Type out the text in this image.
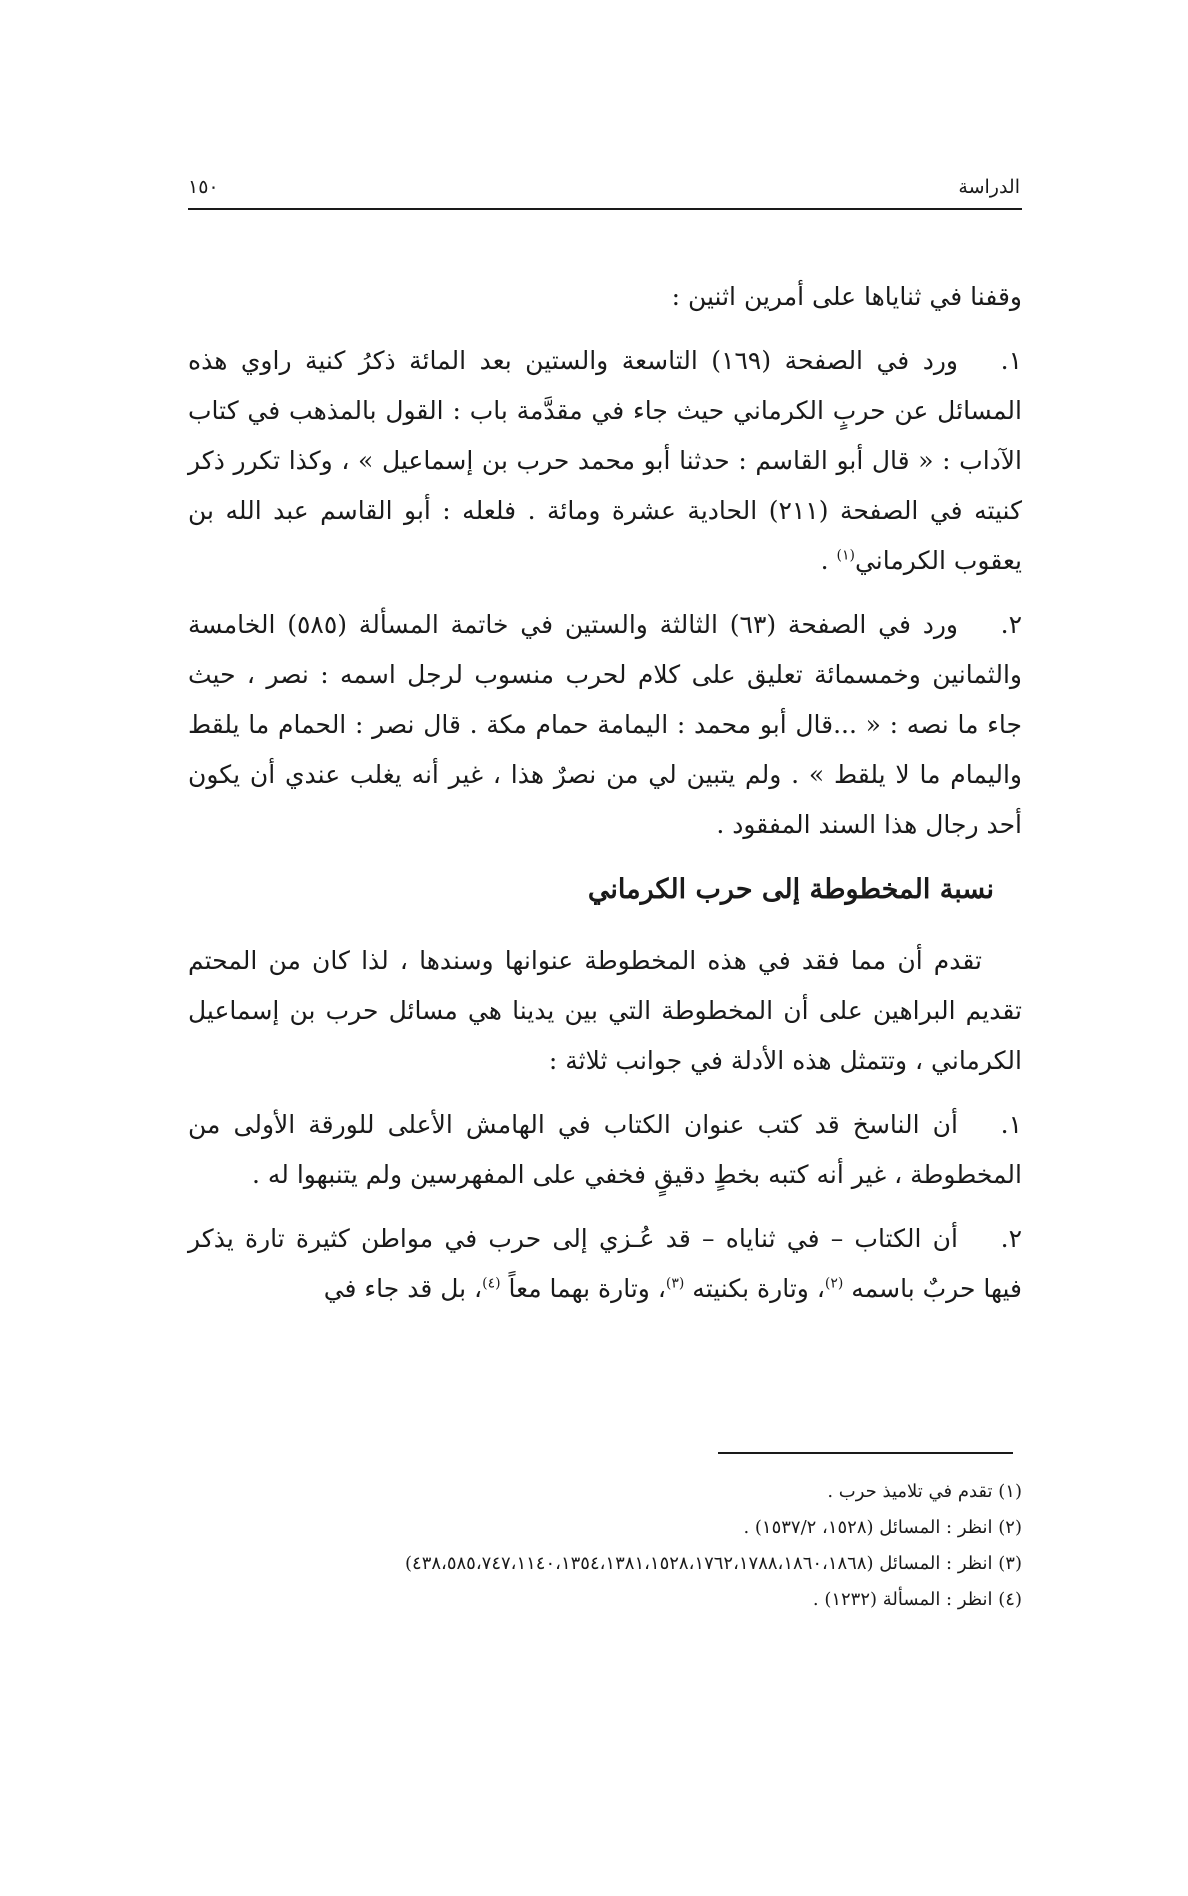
الدراسة
١٥٠

وقفنا في ثناياها على أمرين اثنين :

١.ورد في الصفحة (١٦٩) التاسعة والستين بعد المائة ذكرُ كنية راوي هذه المسائل عن حربٍ الكرماني حيث جاء في مقدَّمة باب : القول بالمذهب في كتاب الآداب : « قال أبو القاسم : حدثنا أبو محمد حرب بن إسماعيل » ، وكذا تكرر ذكر كنيته في الصفحة (٢١١) الحادية عشرة ومائة . فلعله : أبو القاسم عبد الله بن يعقوب الكرماني$^{(١)}$ .

٢.ورد في الصفحة (٦٣) الثالثة والستين في خاتمة المسألة (٥٨٥) الخامسة والثمانين وخمسمائة تعليق على كلام لحرب منسوب لرجل اسمه : نصر ، حيث جاء ما نصه : « ...قال أبو محمد : اليمامة حمام مكة . قال نصر : الحمام ما يلقط واليمام ما لا يلقط » . ولم يتبين لي من نصرٌ هذا ، غير أنه يغلب عندي أن يكون أحد رجال هذا السند المفقود .

نسبة المخطوطة إلى حرب الكرماني

تقدم أن مما فقد في هذه المخطوطة عنوانها وسندها ، لذا كان من المحتم تقديم البراهين على أن المخطوطة التي بين يدينا هي مسائل حرب بن إسماعيل الكرماني ، وتتمثل هذه الأدلة في جوانب ثلاثة :

١.أن الناسخ قد كتب عنوان الكتاب في الهامش الأعلى للورقة الأولى من المخطوطة ، غير أنه كتبه بخطٍ دقيقٍ فخفي على المفهرسين ولم يتنبهوا له .

٢.أن الكتاب – في ثناياه – قد عُـزي إلى حرب في مواطن كثيرة تارة يذكر فيها حربٌ باسمه $^{(٢)}$، وتارة بكنيته $^{(٣)}$، وتارة بهما معاً $^{(٤)}$، بل قد جاء في

(١) تقدم في تلاميذ حرب .

(٢) انظر : المسائل (١٥٢٨، ١٥٣٧/٢) .

(٣) انظر : المسائل (٤٣٨،٥٨٥،٧٤٧،١١٤٠،١٣٥٤،١٣٨١،١٥٢٨،١٧٦٢،١٧٨٨،١٨٦٠،١٨٦٨)

(٤) انظر : المسألة (١٢٣٢) .
